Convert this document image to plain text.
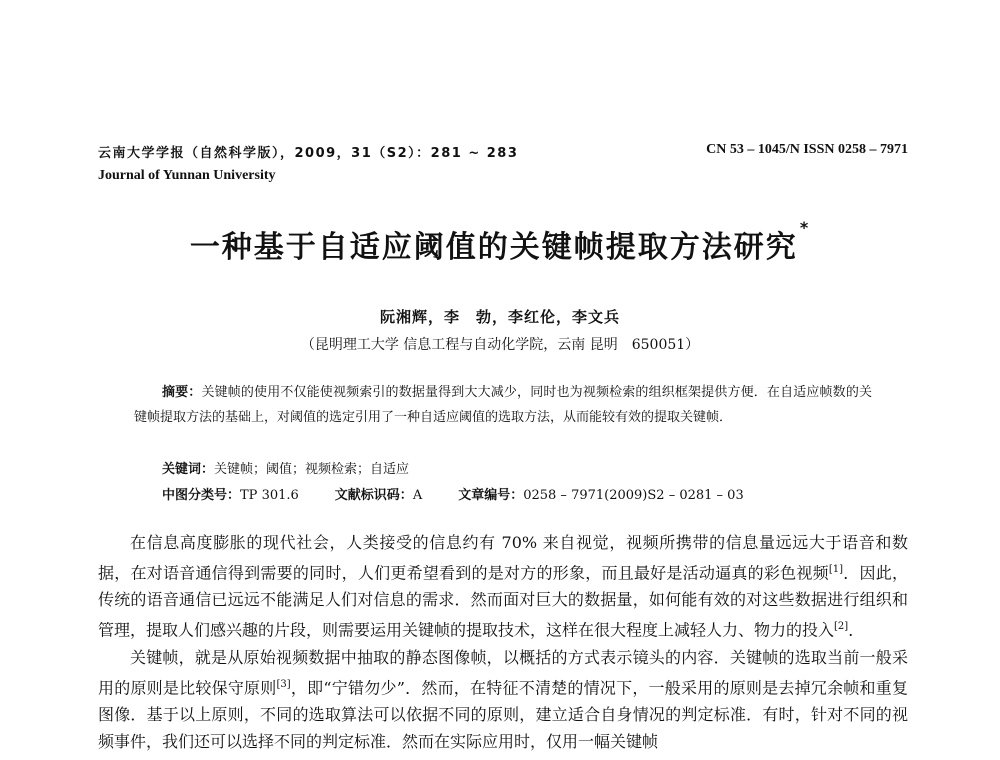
云南大学学报（自然科学版），2009，31（S2）：281 ~ 283	CN 53 – 1045/N ISSN 0258 – 7971
Journal of Yunnan University
一种基于自适应阈值的关键帧提取方法研究*
阮湘辉，李　勃，李红伦，李文兵
（昆明理工大学 信息工程与自动化学院，云南 昆明　650051）
摘要：关键帧的使用不仅能使视频索引的数据量得到大大减少，同时也为视频检索的组织框架提供方便．在自适应帧数的关键帧提取方法的基础上，对阈值的选定引用了一种自适应阈值的选取方法，从而能较有效的提取关键帧．
关键词：关键帧；阈值；视频检索；自适应
中图分类号：TP 301.6	文献标识码：A	文章编号：0258 – 7971(2009)S2 – 0281 – 03

在信息高度膨胀的现代社会，人类接受的信息约有 70% 来自视觉，视频所携带的信息量远远大于语音和数据，在对语音通信得到需要的同时，人们更希望看到的是对方的形象，而且最好是活动逼真的彩色视频[1]．因此，传统的语音通信已远远不能满足人们对信息的需求．然而面对巨大的数据量，如何能有效的对这些数据进行组织和管理，提取人们感兴趣的片段，则需要运用关键帧的提取技术，这样在很大程度上减轻人力、物力的投入[2]．

关键帧，就是从原始视频数据中抽取的静态图像帧，以概括的方式表示镜头的内容．关键帧的选取当前一般采用的原则是比较保守原则[3]，即“宁错勿少”．然而，在特征不清楚的情况下，一般采用的原则是去掉冗余帧和重复图像．基于以上原则，不同的选取算法可以依据不同的原则，建立适合自身情况的判定标准．有时，针对不同的视频事件，我们还可以选择不同的判定标准．然而在实际应用时，仅用一幅关键帧
